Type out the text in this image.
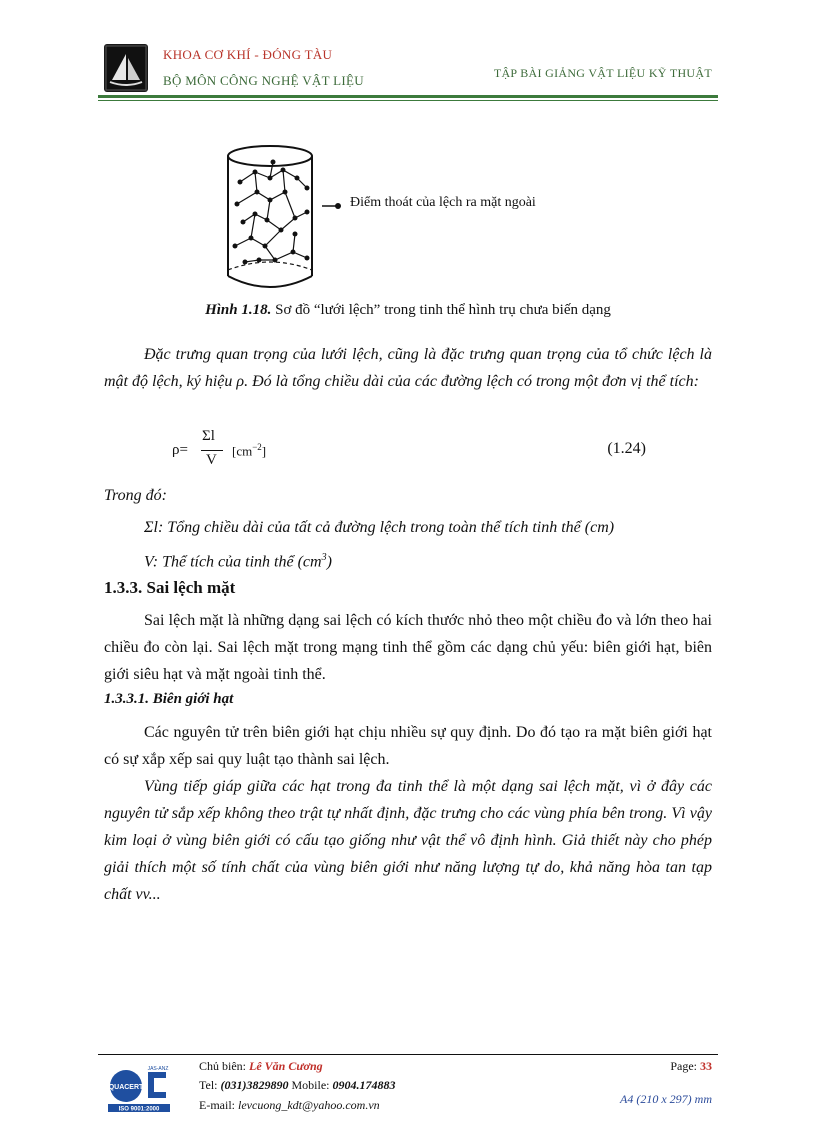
KHOA CƠ KHÍ - ĐÓNG TÀU
BỘ MÔN CÔNG NGHỆ VẬT LIỆU	TẬP BÀI GIẢNG VẬT LIỆU KỸ THUẬT
Điểm thoát của lệch ra mặt ngoài
Hình 1.18. Sơ đồ “lưới lệch” trong tinh thể hình trụ chưa biến dạng
Đặc trưng quan trọng của lưới lệch, cũng là đặc trưng quan trọng của tổ chức lệch là mật độ lệch, ký hiệu ρ. Đó là tổng chiều dài của các đường lệch có trong một đơn vị thể tích:
ρ=
Σl
V
$[cm^{-2}]$	(1.24)
Trong đó:
Σl: Tổng chiều dài của tất cả đường lệch trong toàn thể tích tinh thể (cm)
V: Thể tích của tinh thể $(cm^3)$
1.3.3. Sai lệch mặt
Sai lệch mặt là những dạng sai lệch có kích thước nhỏ theo một chiều đo và lớn theo hai chiều đo còn lại. Sai lệch mặt trong mạng tinh thể gồm các dạng chủ yếu: biên giới hạt, biên giới siêu hạt và mặt ngoài tinh thể.
1.3.3.1. Biên giới hạt
Các nguyên tử trên biên giới hạt chịu nhiều sự quy định. Do đó tạo ra mặt biên giới hạt có sự xắp xếp sai quy luật tạo thành sai lệch.
Vùng tiếp giáp giữa các hạt trong đa tinh thể là một dạng sai lệch mặt, vì ở đây các nguyên tử sắp xếp không theo trật tự nhất định, đặc trưng cho các vùng phía bên trong. Vì vậy kim loại ở vùng biên giới có cấu tạo giống như vật thể vô định hình. Giả thiết này cho phép giải thích một số tính chất của vùng biên giới như năng lượng tự do, khả năng hòa tan tạp chất vv...
QUACERT
JAS-ANZ
ISO 9001:2000
Chủ biên: Lê Văn Cương
Tel: (031)3829890 Mobile: 0904.174883
E-mail: levcuong_kdt@yahoo.com.vn
Page: 33
A4 (210 x 297) mm
